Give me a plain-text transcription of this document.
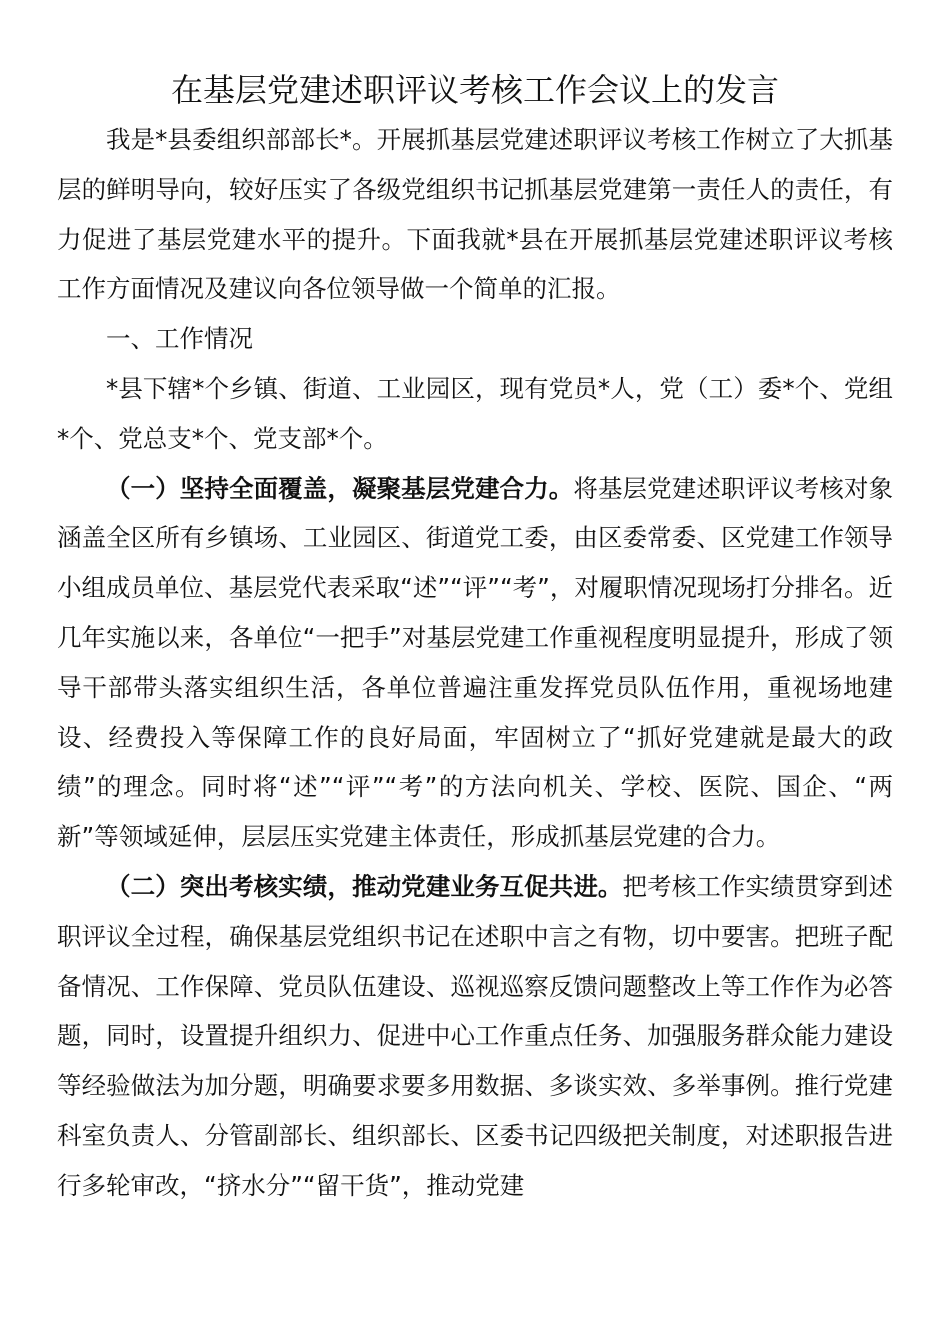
在基层党建述职评议考核工作会议上的发言

我是*县委组织部部长*。开展抓基层党建述职评议考核工作树立了大抓基层的鲜明导向，较好压实了各级党组织书记抓基层党建第一责任人的责任，有力促进了基层党建水平的提升。下面我就*县在开展抓基层党建述职评议考核工作方面情况及建议向各位领导做一个简单的汇报。

一、工作情况

*县下辖*个乡镇、街道、工业园区，现有党员*人，党（工）委*个、党组*个、党总支*个、党支部*个。

（一）坚持全面覆盖，凝聚基层党建合力。将基层党建述职评议考核对象涵盖全区所有乡镇场、工业园区、街道党工委，由区委常委、区党建工作领导小组成员单位、基层党代表采取“述”“评”“考”，对履职情况现场打分排名。近几年实施以来，各单位“一把手”对基层党建工作重视程度明显提升，形成了领导干部带头落实组织生活，各单位普遍注重发挥党员队伍作用，重视场地建设、经费投入等保障工作的良好局面，牢固树立了“抓好党建就是最大的政绩”的理念。同时将“述”“评”“考”的方法向机关、学校、医院、国企、“两新”等领域延伸，层层压实党建主体责任，形成抓基层党建的合力。

（二）突出考核实绩，推动党建业务互促共进。把考核工作实绩贯穿到述职评议全过程，确保基层党组织书记在述职中言之有物，切中要害。把班子配备情况、工作保障、党员队伍建设、巡视巡察反馈问题整改上等工作作为必答题，同时，设置提升组织力、促进中心工作重点任务、加强服务群众能力建设等经验做法为加分题，明确要求要多用数据、多谈实效、多举事例。推行党建科室负责人、分管副部长、组织部长、区委书记四级把关制度，对述职报告进行多轮审改，“挤水分”“留干货”，推动党建
